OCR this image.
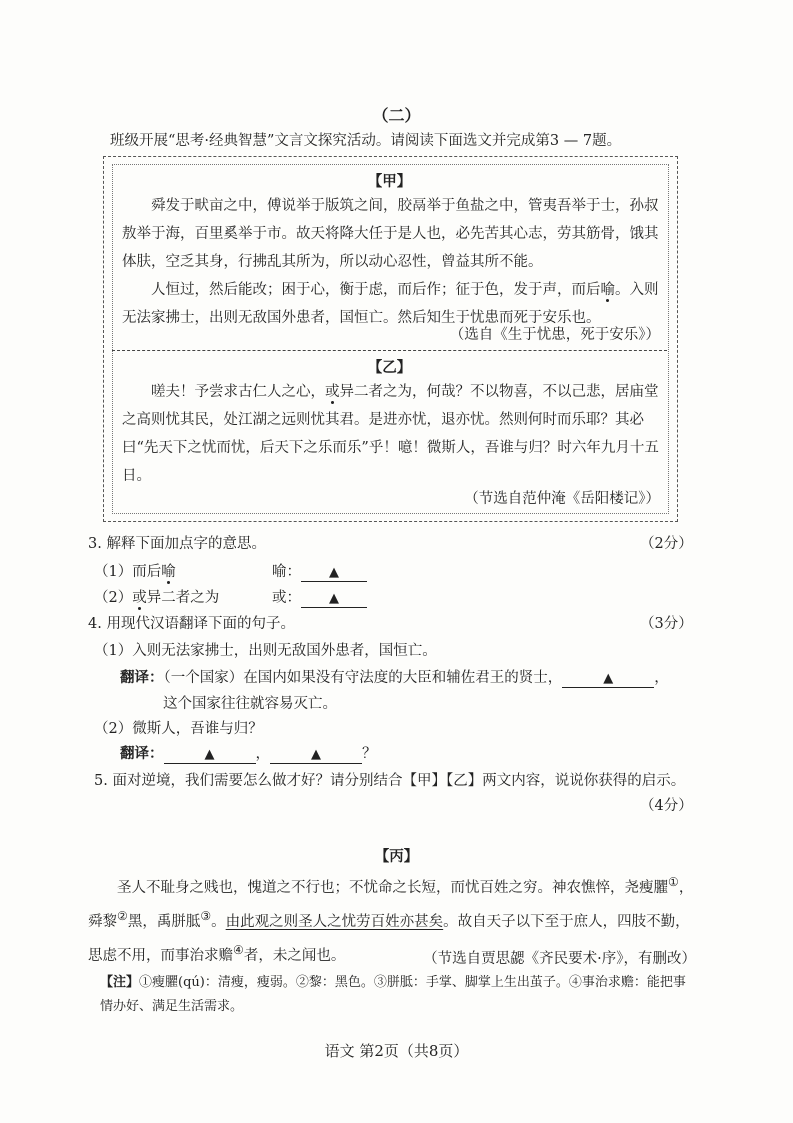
（二）
班级开展“思考·经典智慧”文言文探究活动。请阅读下面选文并完成第3 — 7题。
【甲】

舜发于畎亩之中，傅说举于版筑之间，胶鬲举于鱼盐之中，管夷吾举于士，孙叔敖举于海，百里奚举于市。故天将降大任于是人也，必先苦其心志，劳其筋骨，饿其体肤，空乏其身，行拂乱其所为，所以动心忍性，曾益其所不能。

人恒过，然后能改；困于心，衡于虑，而后作；征于色，发于声，而后喻。入则无法家拂士，出则无敌国外患者，国恒亡。然后知生于忧患而死于安乐也。

（选自《生于忧患，死于安乐》）
【乙】

嗟夫！予尝求古仁人之心，或异二者之为，何哉？不以物喜，不以己悲，居庙堂之高则忧其民，处江湖之远则忧其君。是进亦忧，退亦忧。然则何时而乐耶？其必曰“先天下之忧而忧，后天下之乐而乐”乎！噫！微斯人，吾谁与归？时六年九月十五日。

（节选自范仲淹《岳阳楼记》）
3. 解释下面加点字的意思。	（2分）
（1）而后喻	喻： ▲
（2）或异二者之为	或： ▲
4. 用现代汉语翻译下面的句子。	（3分）
（1）入则无法家拂士，出则无敌国外患者，国恒亡。
翻译：（一个国家）在国内如果没有守法度的大臣和辅佐君王的贤士，	▲	，
这个国家往往就容易灭亡。
（2）微斯人，吾谁与归？
翻译：	▲	，	▲	？
5. 面对逆境，我们需要怎么做才好？请分别结合【甲】【乙】两文内容，说说你获得的启示。
（4分）
【丙】

圣人不耻身之贱也，愧道之不行也；不忧命之长短，而忧百姓之穷。神农憔悴，尧瘦臞①，舜黎②黑，禹胼胝③。由此观之则圣人之忧劳百姓亦甚矣。故自天子以下至于庶人，四肢不勤，思虑不用，而事治求赡④者，未之闻也。	（节选自贾思勰《齐民要术·序》，有删改）
【注】①瘦臞(qú)：清瘦，瘦弱。②黎：黑色。③胼胝：手掌、脚掌上生出茧子。④事治求赡：能把事情办好、满足生活需求。
语文 第2页（共8页）
